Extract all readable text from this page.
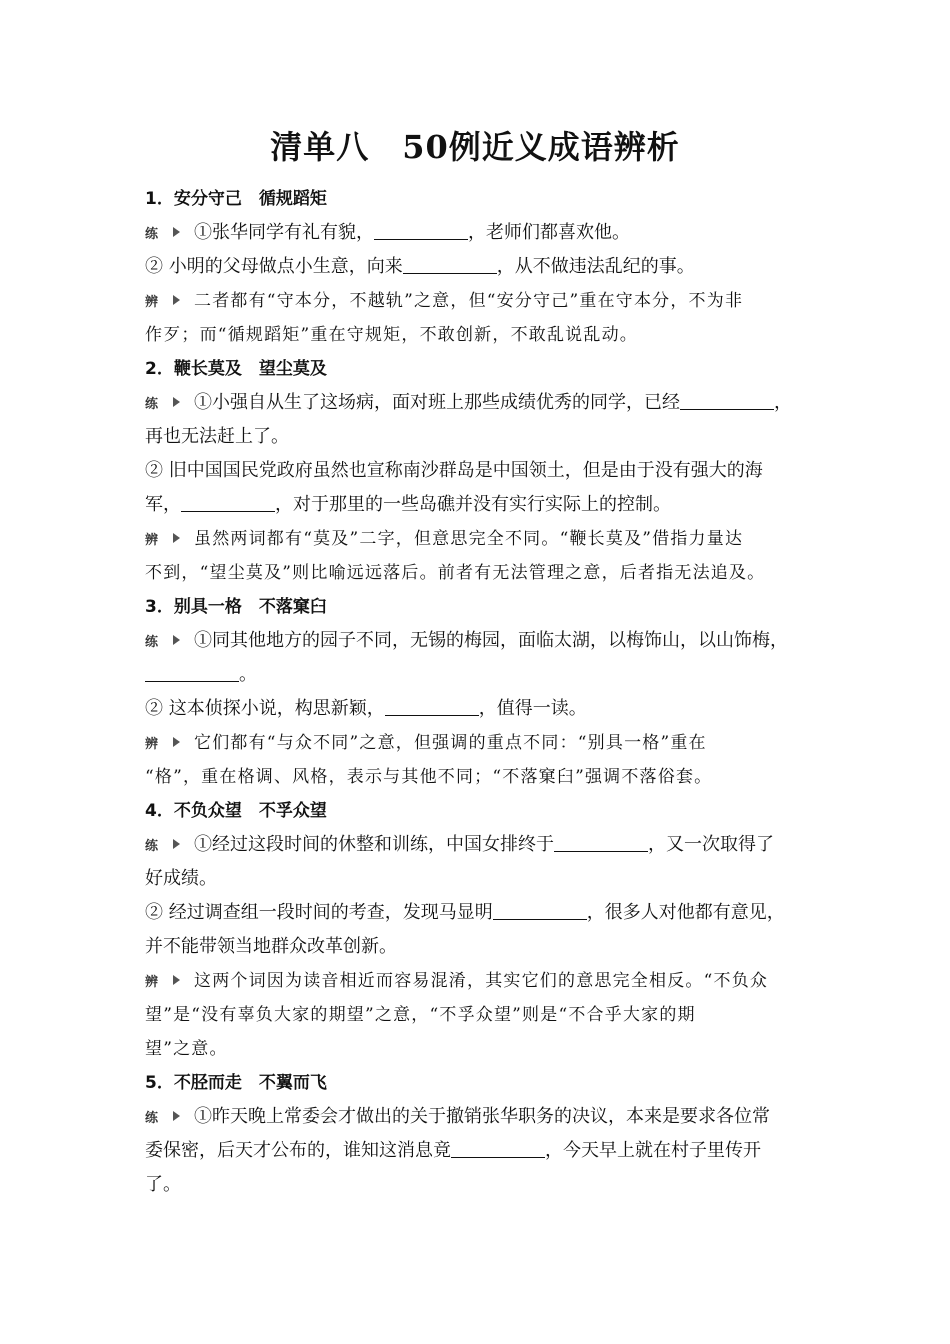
清单八　50例近义成语辨析
1．安分守己　循规蹈矩
练 ①张华同学有礼有貌，	，老师们都喜欢他。
② 小明的父母做点小生意，向来	，从不做违法乱纪的事。
辨 二者都有“守本分，不越轨”之意，但“安分守己”重在守本分，不为非
作歹；而“循规蹈矩”重在守规矩，不敢创新，不敢乱说乱动。
2．鞭长莫及　望尘莫及
练 ①小强自从生了这场病，面对班上那些成绩优秀的同学，已经	，
再也无法赶上了。
② 旧中国国民党政府虽然也宣称南沙群岛是中国领土，但是由于没有强大的海
军，	，对于那里的一些岛礁并没有实行实际上的控制。
辨 虽然两词都有“莫及”二字，但意思完全不同。“鞭长莫及”借指力量达
不到，“望尘莫及”则比喻远远落后。前者有无法管理之意，后者指无法追及。
3．别具一格　不落窠臼
练 ①同其他地方的园子不同，无锡的梅园，面临太湖，以梅饰山，以山饰梅，
。
② 这本侦探小说，构思新颖，	，值得一读。
辨 它们都有“与众不同”之意，但强调的重点不同：“别具一格”重在
“格”，重在格调、风格，表示与其他不同；“不落窠臼”强调不落俗套。
4．不负众望　不孚众望
练 ①经过这段时间的休整和训练，中国女排终于	，又一次取得了
好成绩。
② 经过调查组一段时间的考查，发现马显明	，很多人对他都有意见，
并不能带领当地群众改革创新。
辨 这两个词因为读音相近而容易混淆，其实它们的意思完全相反。“不负众
望”是“没有辜负大家的期望”之意，“不孚众望”则是“不合乎大家的期
望”之意。
5．不胫而走　不翼而飞
练 ①昨天晚上常委会才做出的关于撤销张华职务的决议，本来是要求各位常
委保密，后天才公布的，谁知这消息竟	，今天早上就在村子里传开
了。
